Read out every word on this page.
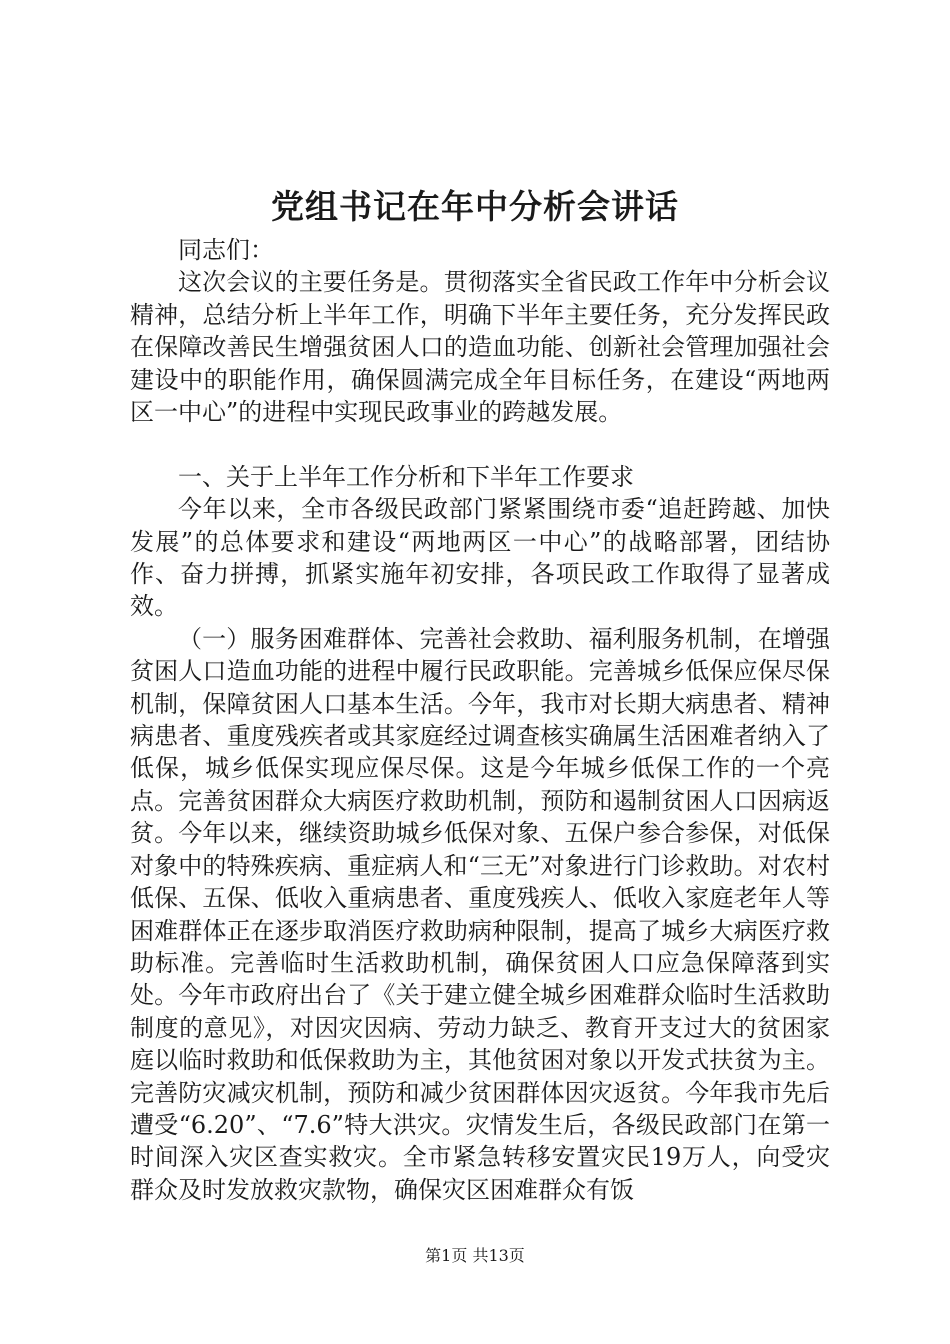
党组书记在年中分析会讲话

同志们：

这次会议的主要任务是。贯彻落实全省民政工作年中分析会议精神，总结分析上半年工作，明确下半年主要任务，充分发挥民政在保障改善民生增强贫困人口的造血功能、创新社会管理加强社会建设中的职能作用，确保圆满完成全年目标任务，在建设“两地两区一中心”的进程中实现民政事业的跨越发展。

一、关于上半年工作分析和下半年工作要求

今年以来，全市各级民政部门紧紧围绕市委“追赶跨越、加快发展”的总体要求和建设“两地两区一中心”的战略部署，团结协作、奋力拼搏，抓紧实施年初安排，各项民政工作取得了显著成效。

（一）服务困难群体、完善社会救助、福利服务机制，在增强贫困人口造血功能的进程中履行民政职能。完善城乡低保应保尽保机制，保障贫困人口基本生活。今年，我市对长期大病患者、精神病患者、重度残疾者或其家庭经过调查核实确属生活困难者纳入了低保，城乡低保实现应保尽保。这是今年城乡低保工作的一个亮点。完善贫困群众大病医疗救助机制，预防和遏制贫困人口因病返贫。今年以来，继续资助城乡低保对象、五保户参合参保，对低保对象中的特殊疾病、重症病人和“三无”对象进行门诊救助。对农村低保、五保、低收入重病患者、重度残疾人、低收入家庭老年人等困难群体正在逐步取消医疗救助病种限制，提高了城乡大病医疗救助标准。完善临时生活救助机制，确保贫困人口应急保障落到实处。今年市政府出台了《关于建立健全城乡困难群众临时生活救助制度的意见》，对因灾因病、劳动力缺乏、教育开支过大的贫困家庭以临时救助和低保救助为主，其他贫困对象以开发式扶贫为主。完善防灾减灾机制，预防和减少贫困群体因灾返贫。今年我市先后遭受“6.20”、“7.6”特大洪灾。灾情发生后，各级民政部门在第一时间深入灾区查实救灾。全市紧急转移安置灾民19万人，向受灾群众及时发放救灾款物，确保灾区困难群众有饭

第1页 共13页
